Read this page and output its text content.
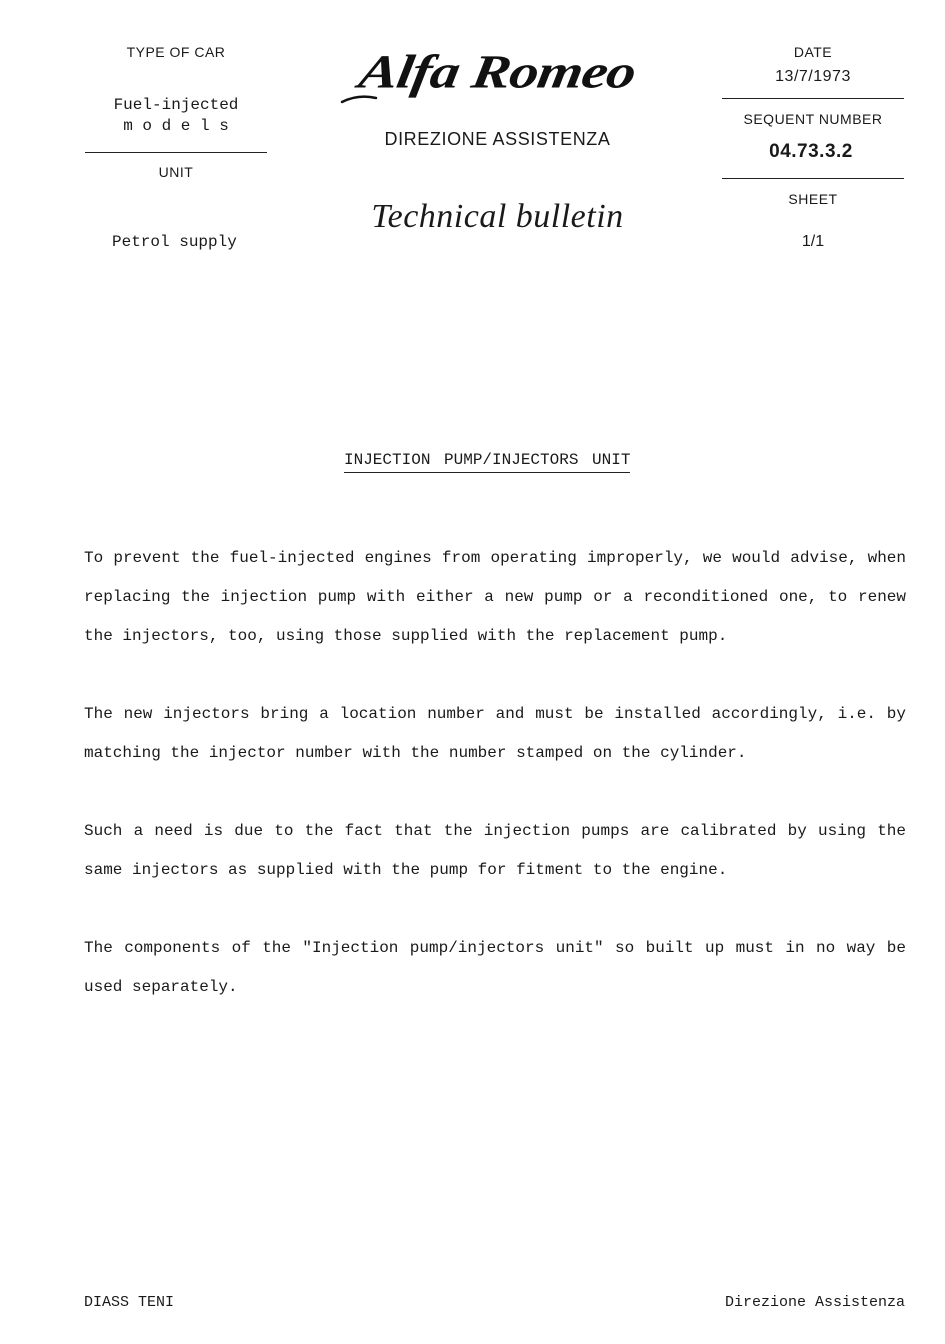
TYPE OF CAR
Fuel-injected
m o d e l s
UNIT
Petrol supply
Alfa Romeo
DIREZIONE ASSISTENZA
Technical bulletin
DATE
13/7/1973
SEQUENT NUMBER
04.73.3.2
SHEET
1/1
INJECTION PUMP/INJECTORS UNIT

To prevent the fuel-injected engines from operating improperly, we would advise, when replacing the injection pump with either a new pump or a reconditioned one, to renew the injectors, too, using those supplied with the replacement pump.

The new injectors bring a location number and must be installed accordingly, i.e. by matching the injector number with the number stamped on the cylinder.

Such a need is due to the fact that the injection pumps are calibrated by using the same injectors as supplied with the pump for fitment to the engine.

The components of the "Injection pump/injectors unit" so built up must in no way be used separately.

DIASS TENI	Direzione Assistenza
